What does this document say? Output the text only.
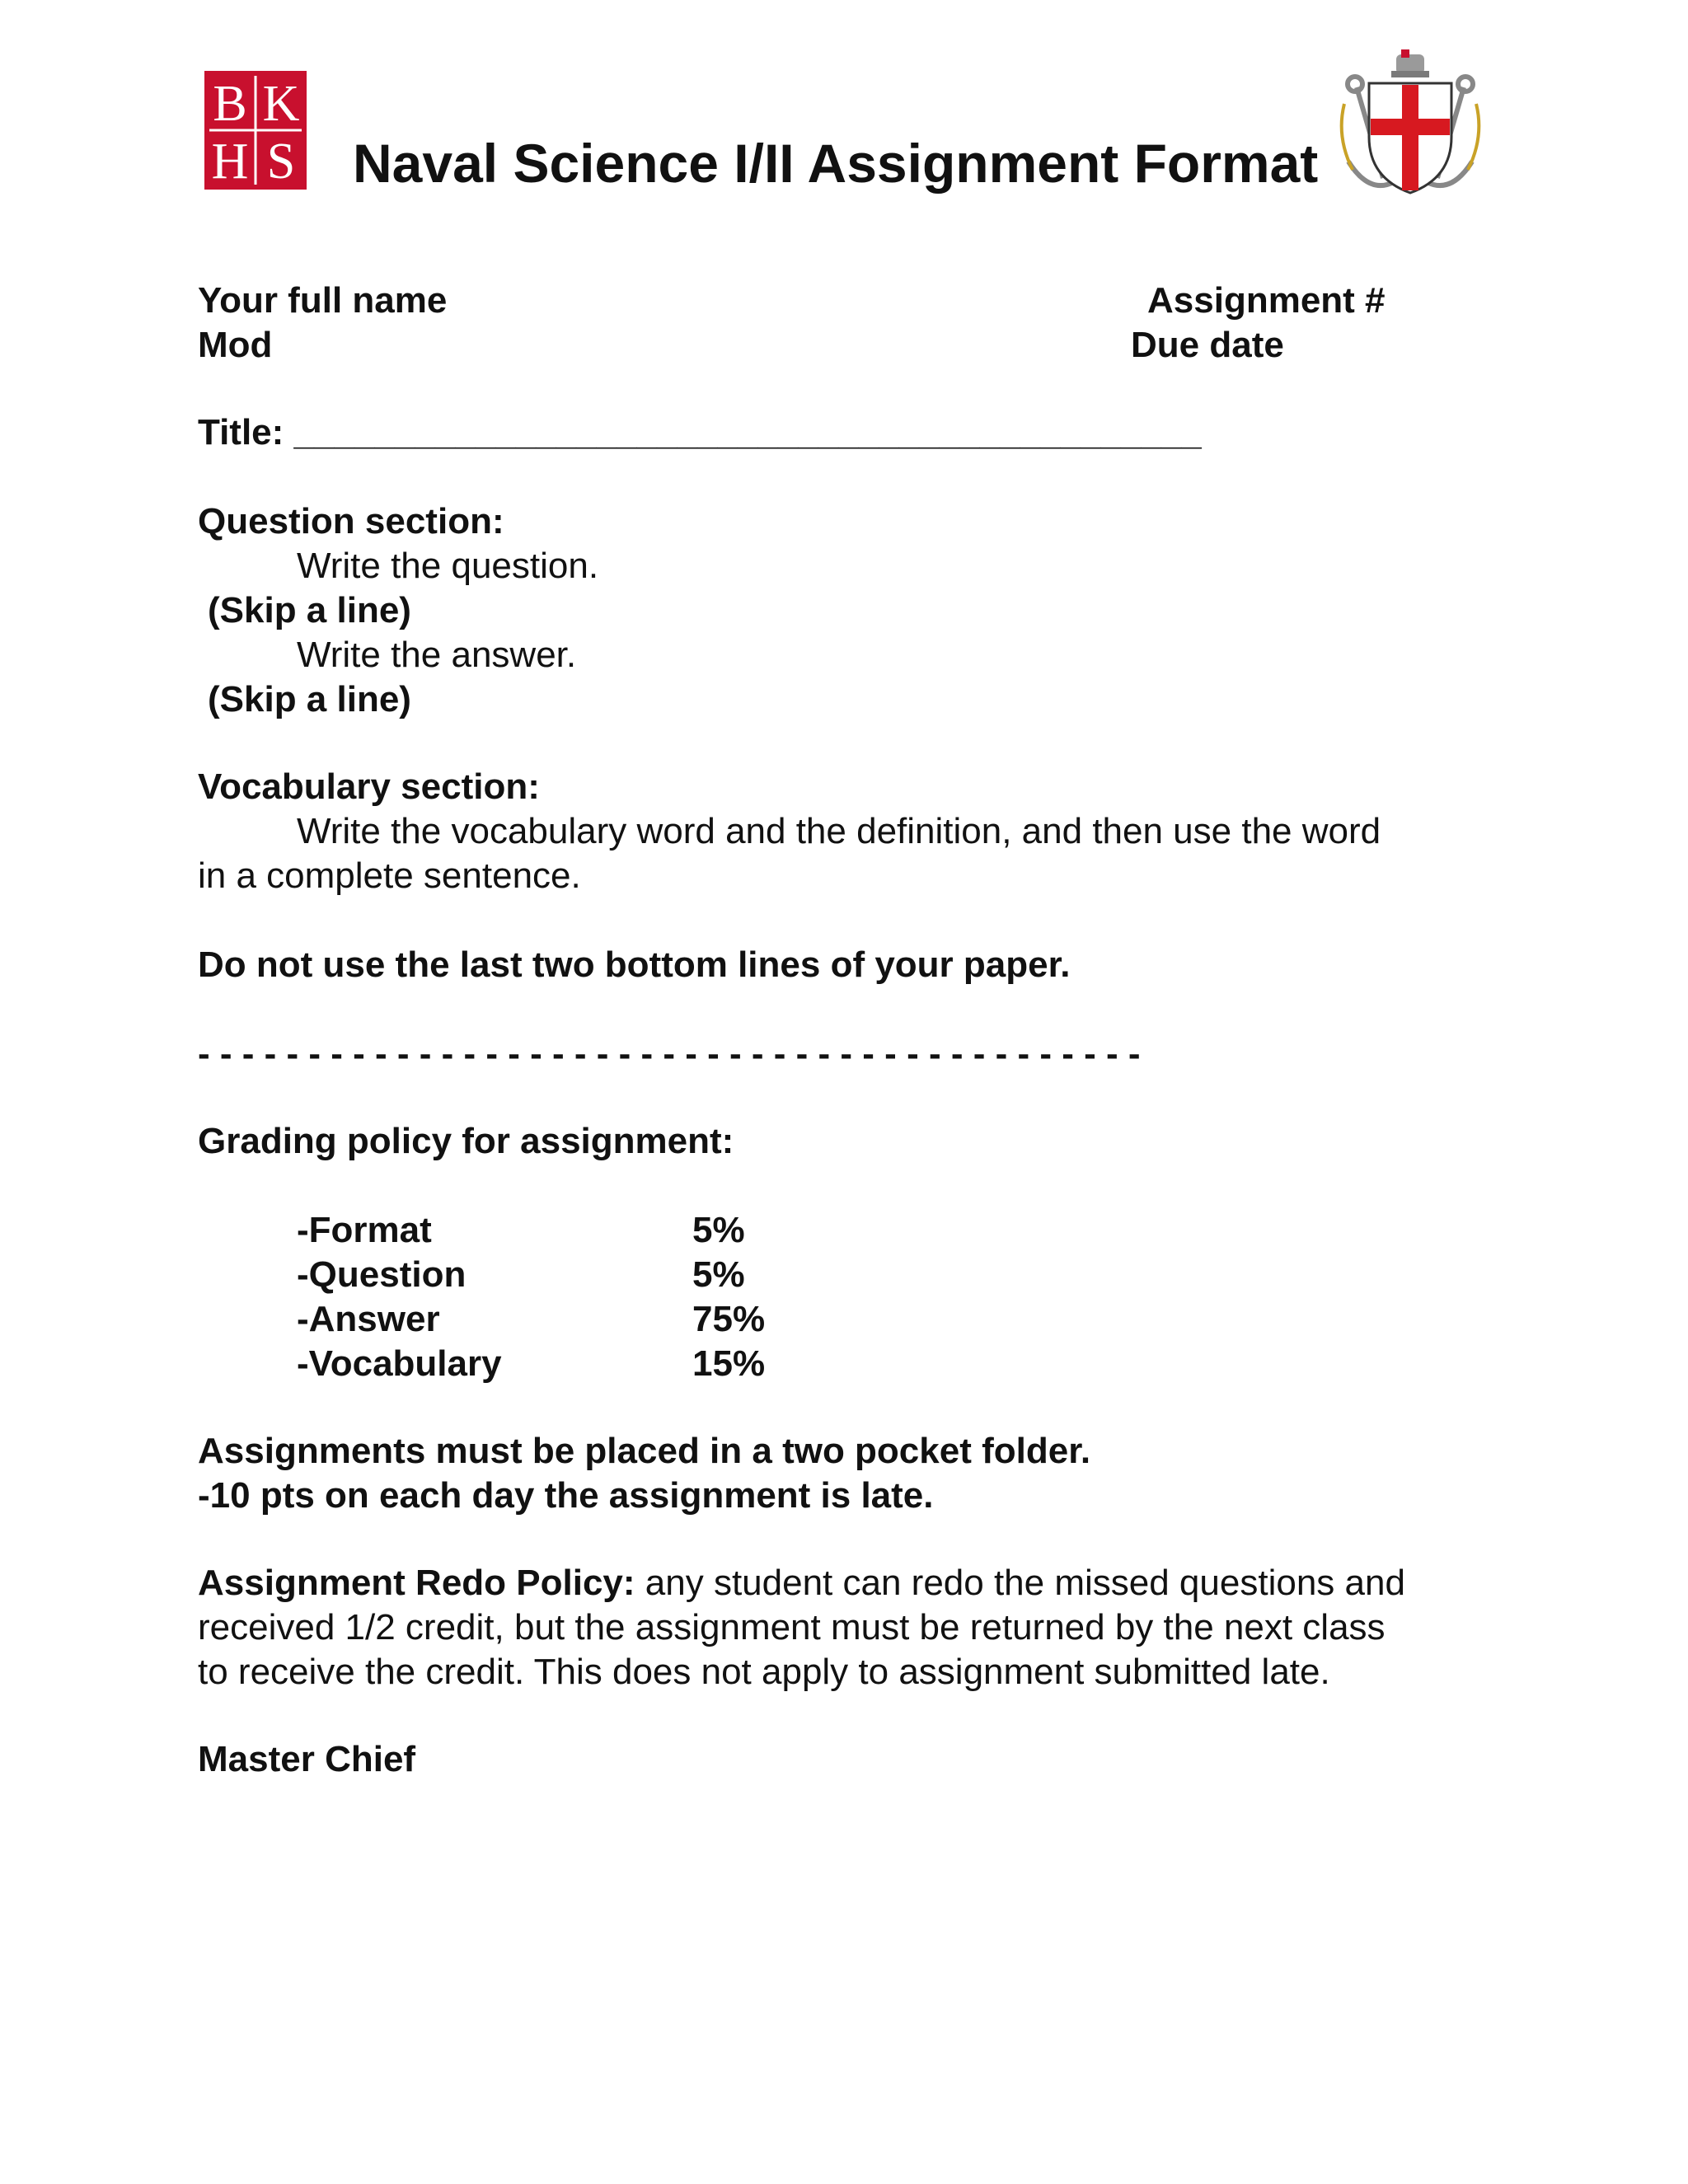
B K
H S Naval Science I/II Assignment Format
Your full name	Assignment #
Mod	Due date
Title: _____________________________________________
Question section:
Write the question.
(Skip a line)
Write the answer.
(Skip a line)
Vocabulary section:
Write the vocabulary word and the definition, and then use the word
in a complete sentence.
Do not use the last two bottom lines of your paper.
- - - - - - - - - - - - - - - - - - - - - - - - - - - - - - - - - - - - - - - - - - -
Grading policy for assignment:
-Format	5%
-Question	5%
-Answer	75%
-Vocabulary	15%
Assignments must be placed in a two pocket folder.
-10 pts on each day the assignment is late.
Assignment Redo Policy: any student can redo the missed questions and
received 1/2 credit, but the assignment must be returned by the next class
to receive the credit. This does not apply to assignment submitted late.
Master Chief
